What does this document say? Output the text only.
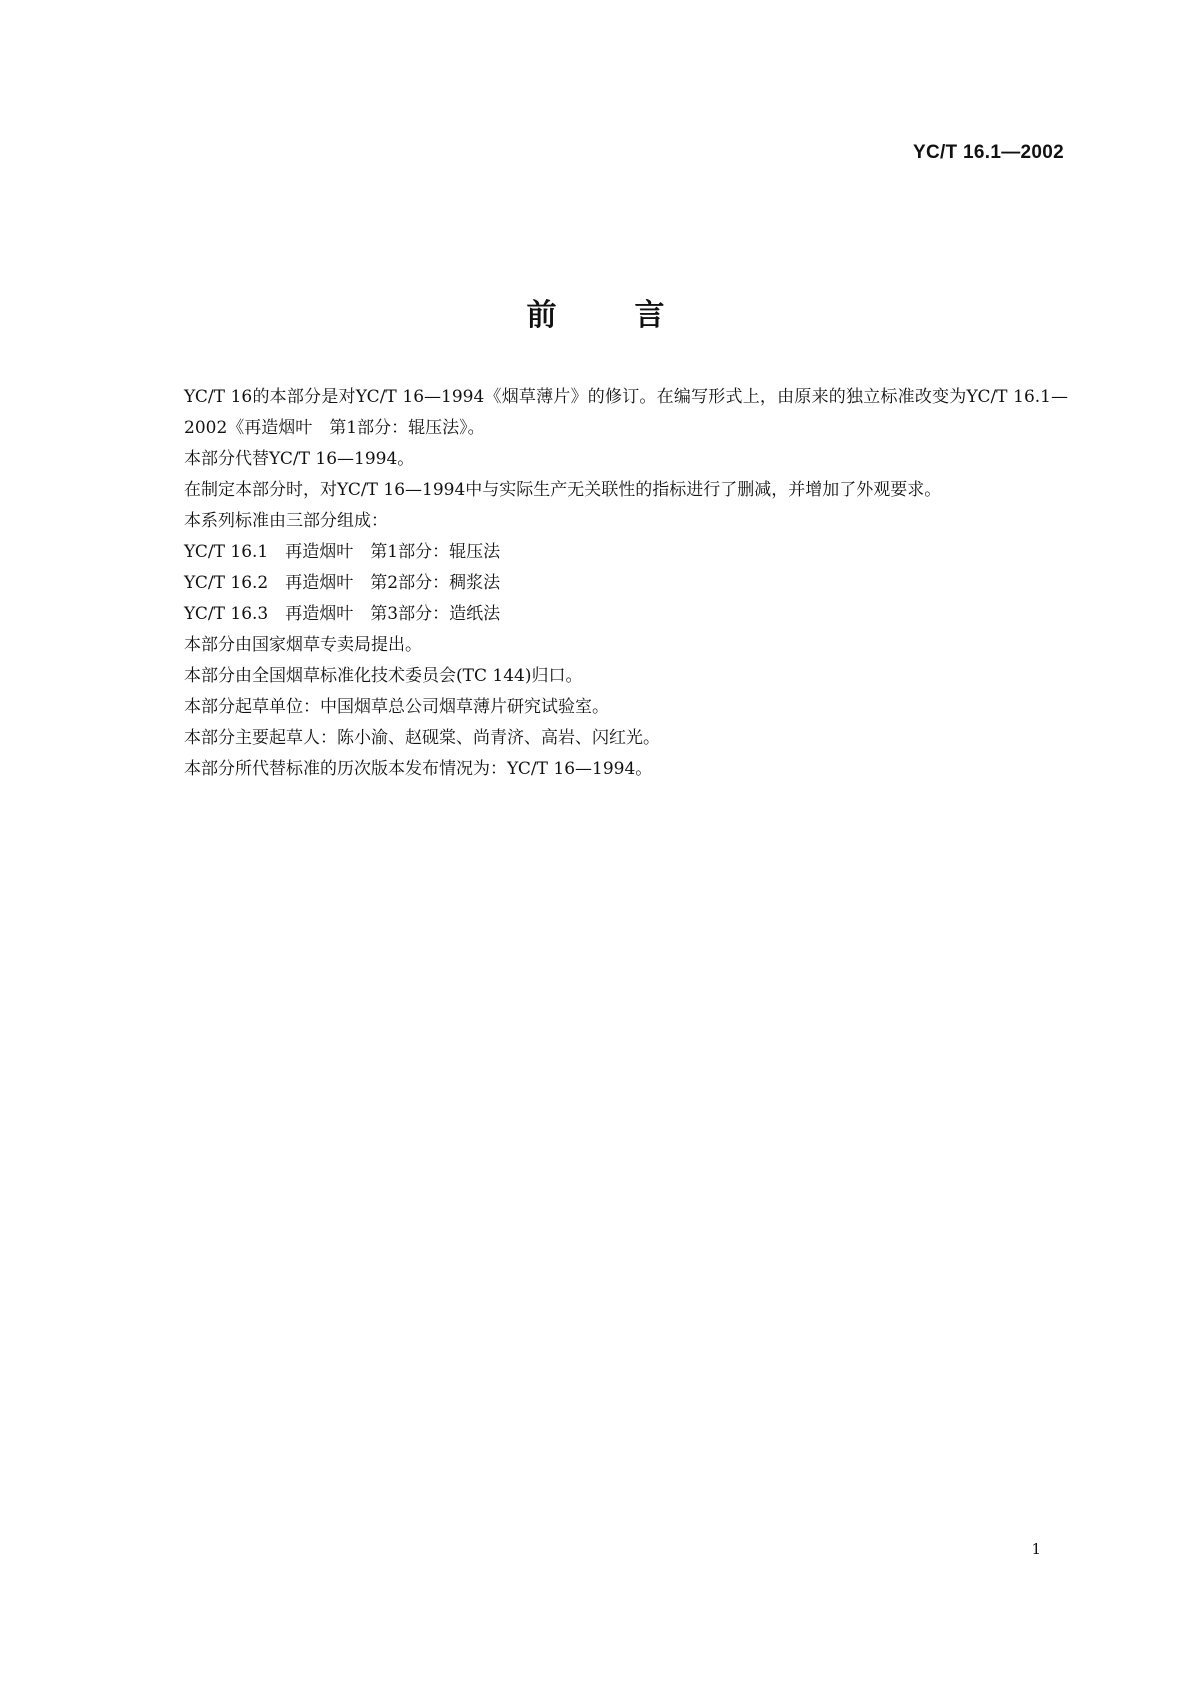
YC/T 16.1—2002
前言

YC/T 16的本部分是对YC/T 16—1994《烟草薄片》的修订。在编写形式上，由原来的独立标准改变为YC/T 16.1—2002《再造烟叶　第1部分：辊压法》。

本部分代替YC/T 16—1994。

在制定本部分时，对YC/T 16—1994中与实际生产无关联性的指标进行了删减，并增加了外观要求。

本系列标准由三部分组成：

YC/T 16.1　再造烟叶　第1部分：辊压法

YC/T 16.2　再造烟叶　第2部分：稠浆法

YC/T 16.3　再造烟叶　第3部分：造纸法

本部分由国家烟草专卖局提出。

本部分由全国烟草标准化技术委员会(TC 144)归口。

本部分起草单位：中国烟草总公司烟草薄片研究试验室。

本部分主要起草人：陈小渝、赵砚棠、尚青济、高岩、闪红光。

本部分所代替标准的历次版本发布情况为：YC/T 16—1994。

1
